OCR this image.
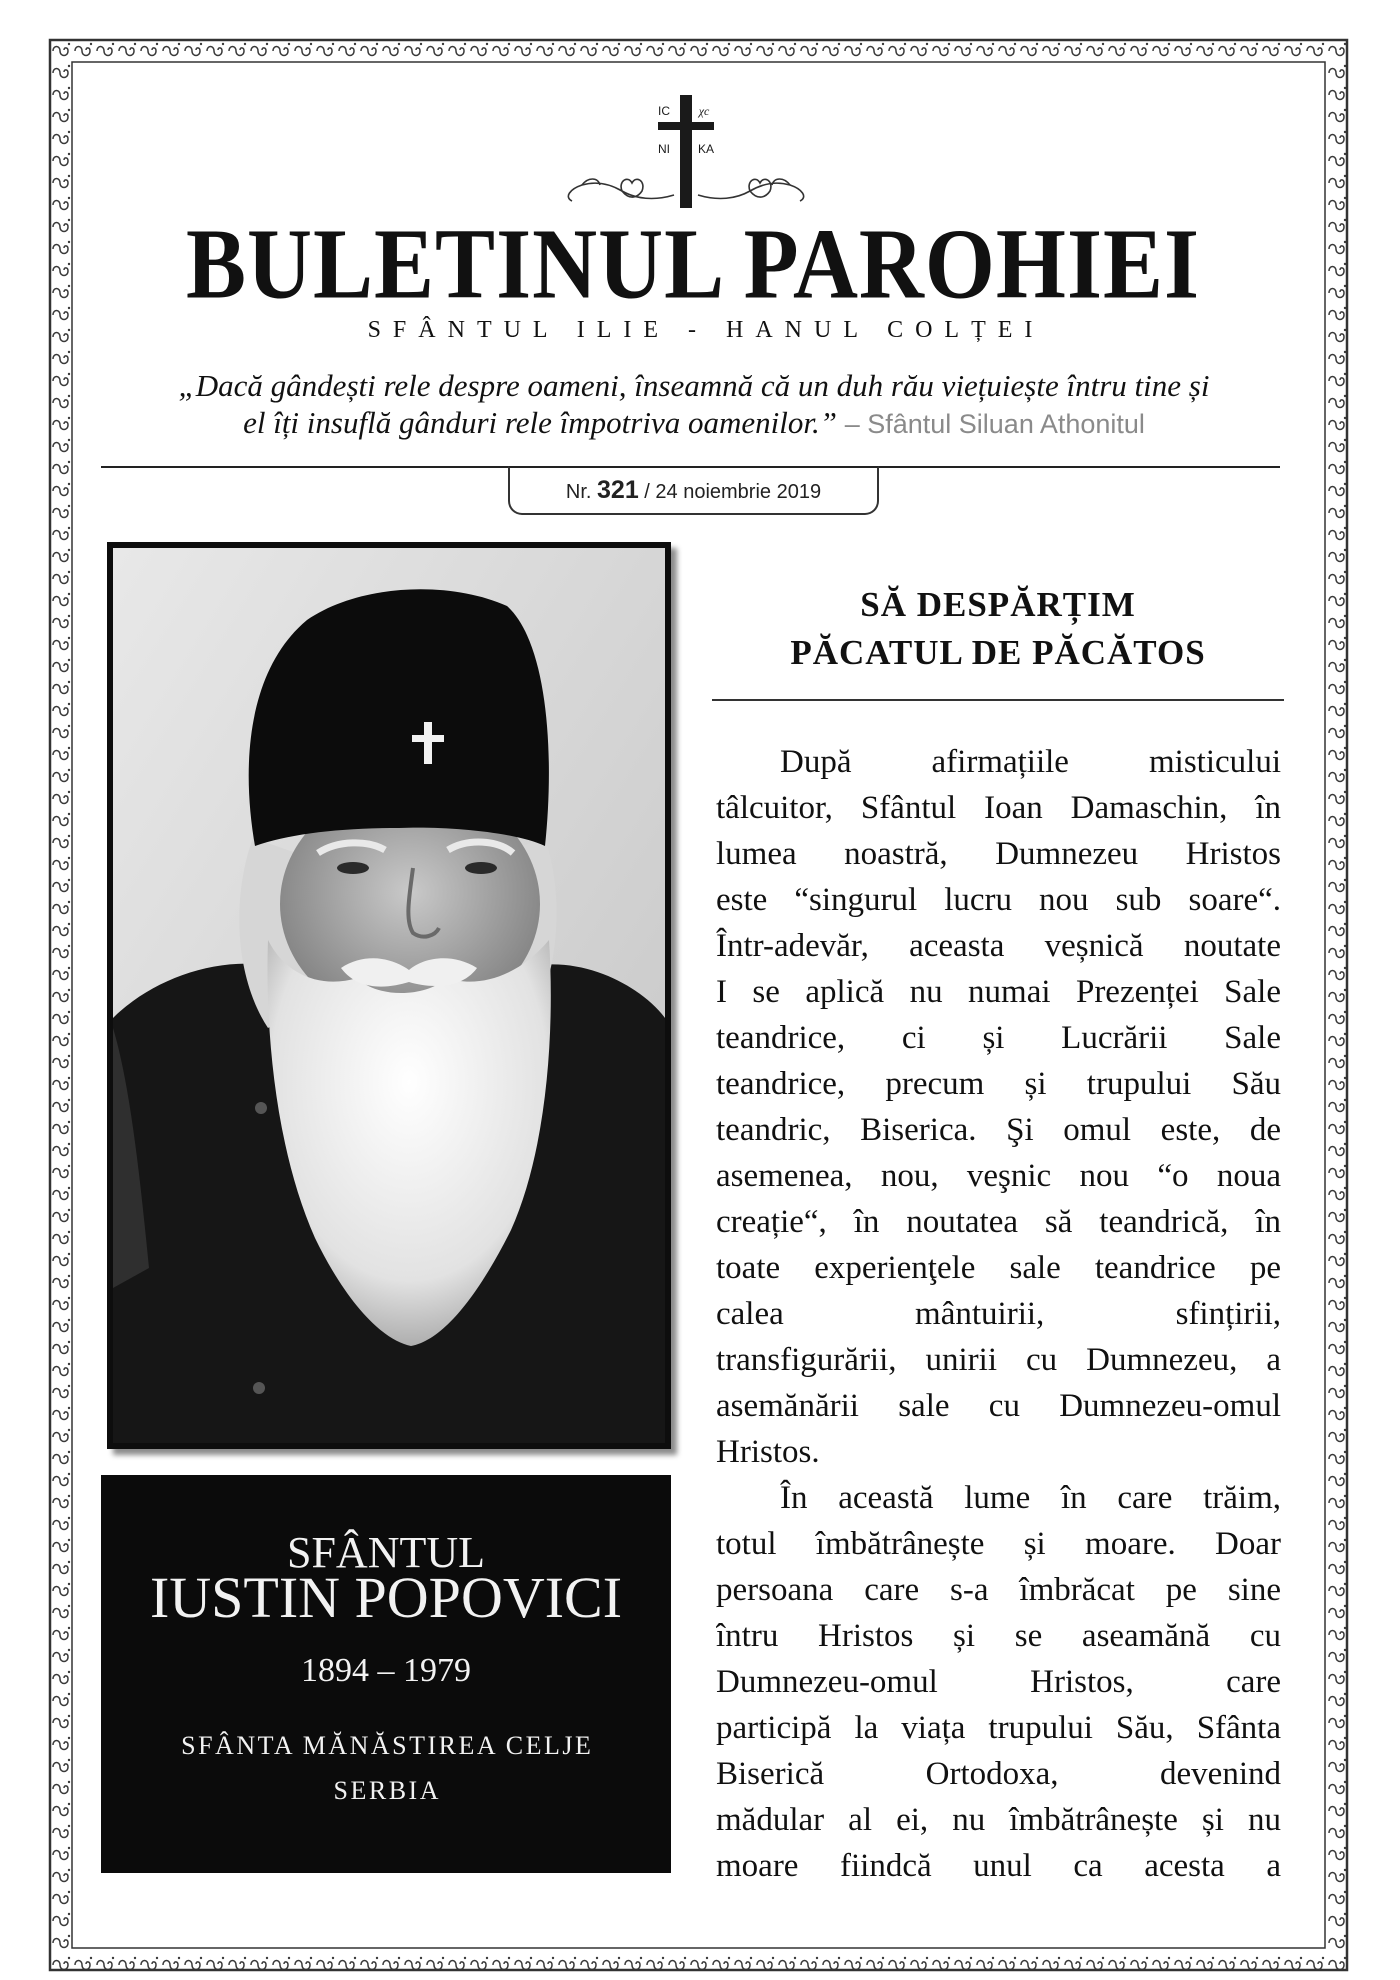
IC χc
NI KA
BULETINUL PAROHIEI
SFÂNTUL ILIE - HANUL COLȚEI
„Dacă gândești rele despre oameni, înseamnă că un duh rău viețuiește întru tine și
el îți insuflă gânduri rele împotriva oamenilor.” – Sfântul Siluan Athonitul
Nr. 321 / 24 noiembrie 2019
SFÂNTUL
IUSTIN POPOVICI
1894 – 1979
SFÂNTA MĂNĂSTIREA CELJE
SERBIA
SĂ DESPĂRȚIM
PĂCATUL DE PĂCĂTOS
După afirmațiile misticului
tâlcuitor, Sfântul Ioan Damaschin, în
lumea noastră, Dumnezeu Hristos
este “singurul lucru nou sub soare“.
Într-adevăr, aceasta veșnică noutate
I se aplică nu numai Prezenței Sale
teandrice, ci și Lucrării Sale
teandrice, precum și trupului Său
teandric, Biserica. Şi omul este, de
asemenea, nou, veşnic nou “o noua
creație“, în noutatea să teandrică, în
toate experienţele sale teandrice pe
calea mântuirii, sfințirii,
transfigurării, unirii cu Dumnezeu, a
asemănării sale cu Dumnezeu-omul
Hristos.
În această lume în care trăim,
totul îmbătrânește și moare. Doar
persoana care s-a îmbrăcat pe sine
întru Hristos și se aseamănă cu
Dumnezeu-omul Hristos, care
participă la viața trupului Său, Sfânta
Biserică Ortodoxa, devenind
mădular al ei, nu îmbătrânește și nu
moare fiindcă unul ca acesta a
